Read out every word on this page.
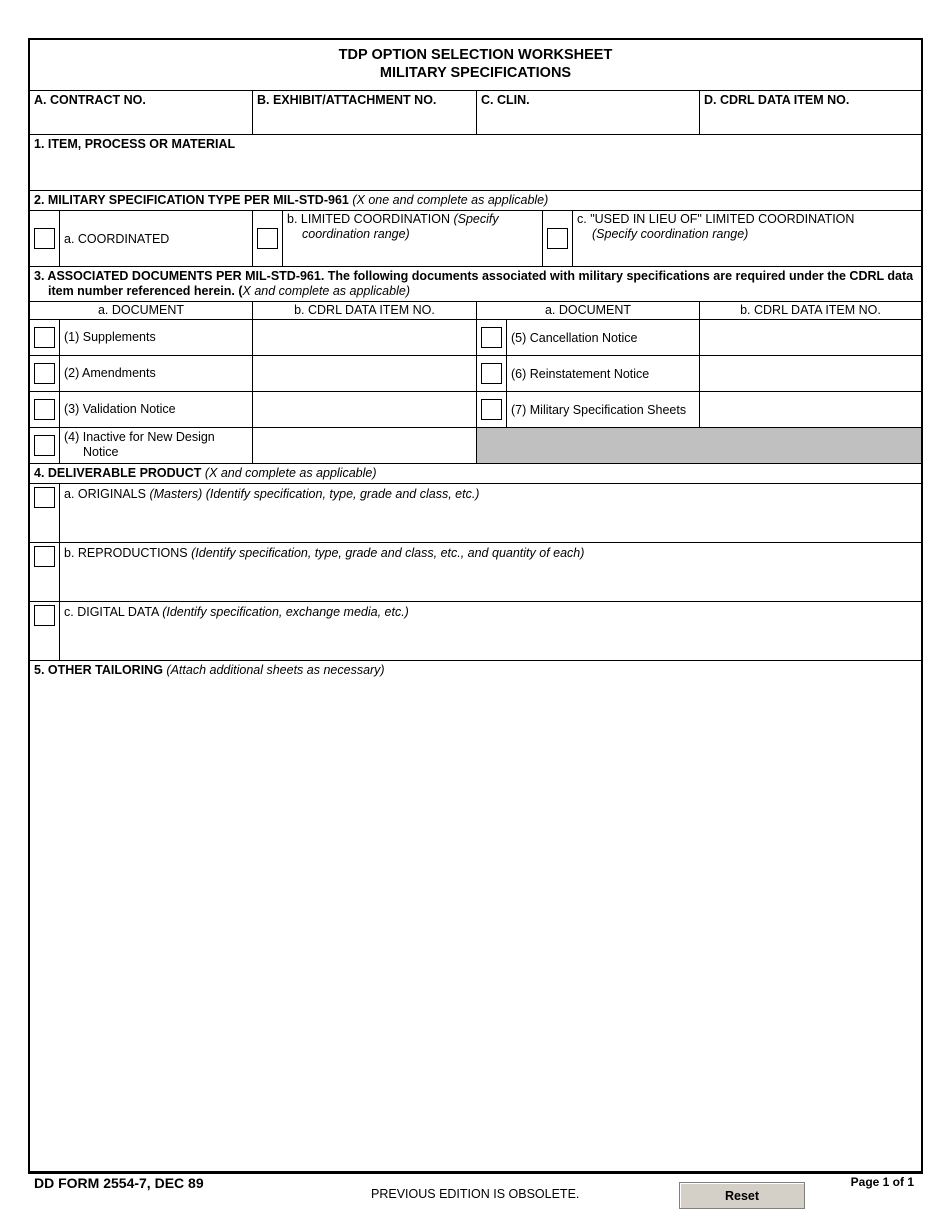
TDP OPTION SELECTION WORKSHEET
MILITARY SPECIFICATIONS
A. CONTRACT NO.	B. EXHIBIT/ATTACHMENT NO.	C. CLIN.	D. CDRL DATA ITEM NO.
1. ITEM, PROCESS OR MATERIAL
2. MILITARY SPECIFICATION TYPE PER MIL-STD-961 (X one and complete as applicable)
a. COORDINATED
b. LIMITED COORDINATION (Specify
coordination range)
c. "USED IN LIEU OF" LIMITED COORDINATION
(Specify coordination range)
3. ASSOCIATED DOCUMENTS PER MIL-STD-961. The following documents associated with military specifications are required under the CDRL data
item number referenced herein. (X and complete as applicable)
a. DOCUMENT	b. CDRL DATA ITEM NO.	a. DOCUMENT	b. CDRL DATA ITEM NO.
(1) Supplements	(5) Cancellation Notice
(2) Amendments	(6) Reinstatement Notice
(3) Validation Notice	(7) Military Specification Sheets
(4) Inactive for New Design
Notice
4. DELIVERABLE PRODUCT (X and complete as applicable)
a. ORIGINALS (Masters) (Identify specification, type, grade and class, etc.)
b. REPRODUCTIONS (Identify specification, type, grade and class, etc., and quantity of each)
c. DIGITAL DATA (Identify specification, exchange media, etc.)
5. OTHER TAILORING (Attach additional sheets as necessary)
DD FORM 2554-7, DEC 89
PREVIOUS EDITION IS OBSOLETE.	Reset
Page 1 of 1
